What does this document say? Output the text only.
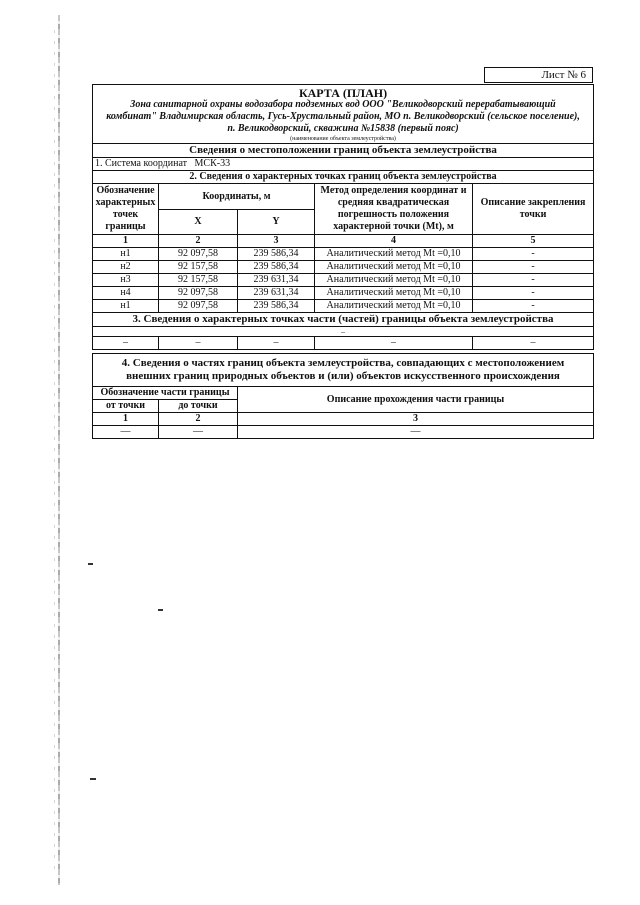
Лист № 6
КАРТА (ПЛАН)				
Зона санитарной охраны водозабора подземных вод ООО "Великодворский перерабатывающий комбинат" Владимирская область, Гусь-Хрустальный район, МО п. Великодворский (сельское поселение), п. Великодворский, скважина №15838 (первый пояс)				
(наименование объекта землеустройства)				
Сведения о местоположении границ объекта землеустройства				
1. Система координат МСК-33				
2. Сведения о характерных точках границ объекта землеустройства				
Обозначение характерных точек границы	Координаты, м		Метод определения координат и средняя квадратическая погрешность положения характерной точки (Mt), м	Описание закрепления точки
	X	Y		
1	2	3	4	5
н1	92 097,58	239 586,34	Аналитический метод Mt =0,10	-
н2	92 157,58	239 586,34	Аналитический метод Mt =0,10	-
н3	92 157,58	239 631,34	Аналитический метод Mt =0,10	-
н4	92 097,58	239 631,34	Аналитический метод Mt =0,10	-
н1	92 097,58	239 586,34	Аналитический метод Mt =0,10	-
3. Сведения о характерных точках части (частей) границы объекта землеустройства				
–				
–	–	–	–	–
4. Сведения о частях границ объекта землеустройства, совпадающих с местоположением внешних границ природных объектов и (или) объектов искусственного происхождения		
Обозначение части границы		Описание прохождения части границы
от точки	до точки	
1	2	3
—	—	—
